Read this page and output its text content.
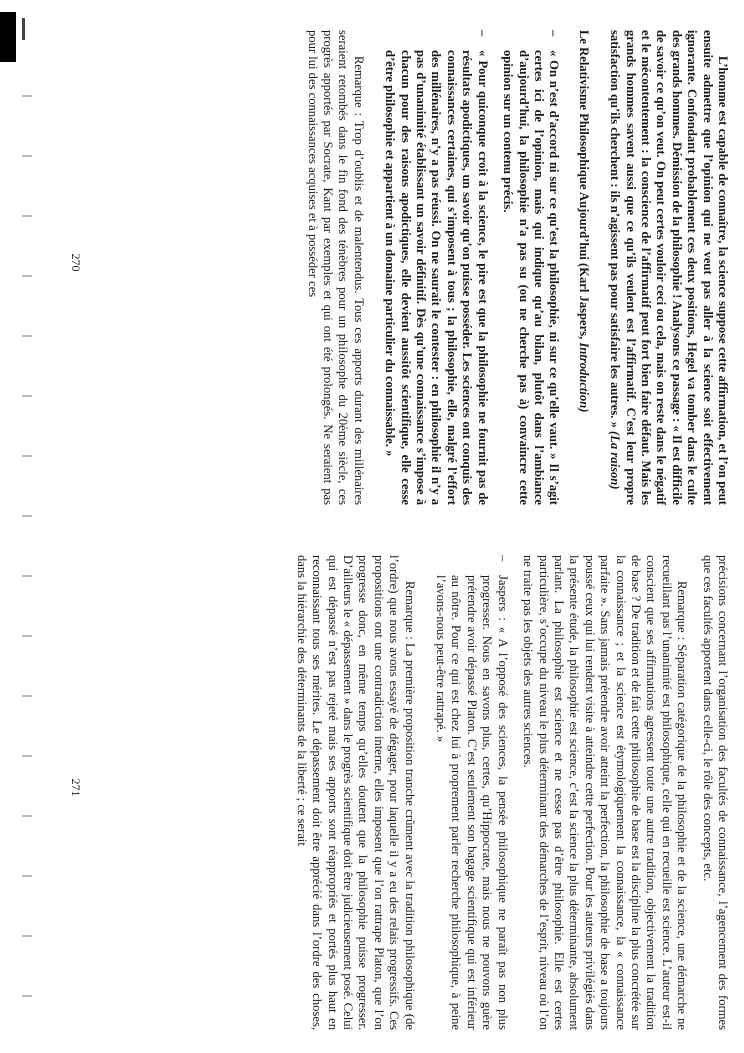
L’homme est capable de connaître, la science suppose cette affirmation, et l’on peut ensuite admettre que l’opinion qui ne veut pas aller à la science soit effectivement ignorante. Confondant probablement ces deux positions, Hegel va tomber dans le culte des grands hommes. Démission de la philosophie ! Analysons ce passage : « Il est difficile de savoir ce qu’on veut. On peut certes vouloir ceci ou cela, mais on reste dans le négatif et le mécontentement : la conscience de l’affirmatif peut fort bien faire défaut. Mais les grands hommes savent aussi que ce qu’ils veulent est l’affirmatif. C’est leur propre satisfaction qu’ils cherchent : ils n’agissent pas pour satisfaire les autres. » (La raison)

Le Relativisme Philosophique Aujourd’hui (Karl Jaspers, Introduction)

–
« On n’est d’accord ni sur ce qu’est la philosophie, ni sur ce qu’elle vaut. » Il s’agit certes ici de l’opinion, mais qui indique qu’au bilan, plutôt dans l’ambiance d’aujourd’hui, la philosophie n’a pas su (ou ne cherche pas à) convaincre cette opinion sur un contenu précis.
–
« Pour quiconque croit à la science, le pire est que la philosophie ne fournit pas de résultats apodictiques, un savoir qu’on puisse posséder. Les sciences ont conquis des connaissances certaines, qui s’imposent à tous ; la philosophie, elle, malgré l’effort des millénaires, n’y a pas réussi. On ne saurait le contester : en philosophie il n’y a pas d’unanimité établissant un savoir définitif. Dès qu’une connaissance s’impose à chacun pour des raisons apodictiques, elle devient aussitôt scientifique, elle cesse d’être philosophie et appartient à un domaine particulier du connaissable. »

Remarque : Trop d’oublis et de malentendus. Tous ces apports durant des millénaires seraient retombés dans le fin fond des ténèbres pour un philosophe du 20ème siècle, ces progrès apportés par Socrate, Kant par exemples et qui ont été prolongés. Ne seraient pas pour lui des connaissances acquises et à posséder ces

270

précisions concernant l’organisation des facultés de connaissance, l’agencement des formes que ces facultés apportent dans celle-ci, le rôle des concepts, etc.

Remarque : Séparation catégorique de la philosophie et de la science, une démarche ne recueillant pas l’unanimité est philosophique, celle qui en recueille est science. L’auteur est-il conscient que ses affirmations agressent toute une autre tradition, objectivement la tradition de base ? De tradition et de fait cette philosophie de base est la discipline la plus concrétée sur la connaissance ; et la science est étymologiquement la connaissance, la « connaissance parfaite ». Sans jamais prétendre avoir atteint la perfection, la philosophie de base a toujours poussé ceux qui lui rendent visite à atteindre cette perfection. Pour les auteurs privilégiés dans la présente étude, la philosophie est science, c’est la science la plus déterminante, absolument parlant. La philosophie est science et ne cesse pas d’être philosophie. Elle est certes particulière, s’occupe du niveau le plus déterminant des démarches de l’esprit, niveau où l’on ne traite pas les objets des autres sciences.

–
Jaspers : « A l’opposé des sciences, la pensée philosophique ne paraît pas non plus progresser. Nous en savons plus, certes, qu’Hippocrate, mais nous ne pouvons guère prétendre avoir dépassé Platon. C’est seulement son bagage scientifique qui est inférieur au nôtre. Pour ce qui est chez lui à proprement parler recherche philosophique, à peine l’avons-nous peut-être rattrapé. »

Remarque : La première proposition tranche crûment avec la tradition philosophique (de l’ordre) que nous avons essayé de dégager, pour laquelle il y a eu des relais progressifs. Ces propositions ont une contradiction interne, elles imposent que l’on rattrape Platon, que l’on progresse donc, en même temps qu’elles doutent que la philosophie puisse progresser. D’ailleurs le « dépassement » dans le progrès scientifique doit être judicieusement posé. Celui qui est dépassé n’est pas rejeté mais ses apports sont réappropriés et portés plus haut en reconnaissant tous ses mérites. Le dépassement doit être apprécié dans l’ordre des choses, dans la hiérarchie des déterminants de la liberté ; ce serait

271
